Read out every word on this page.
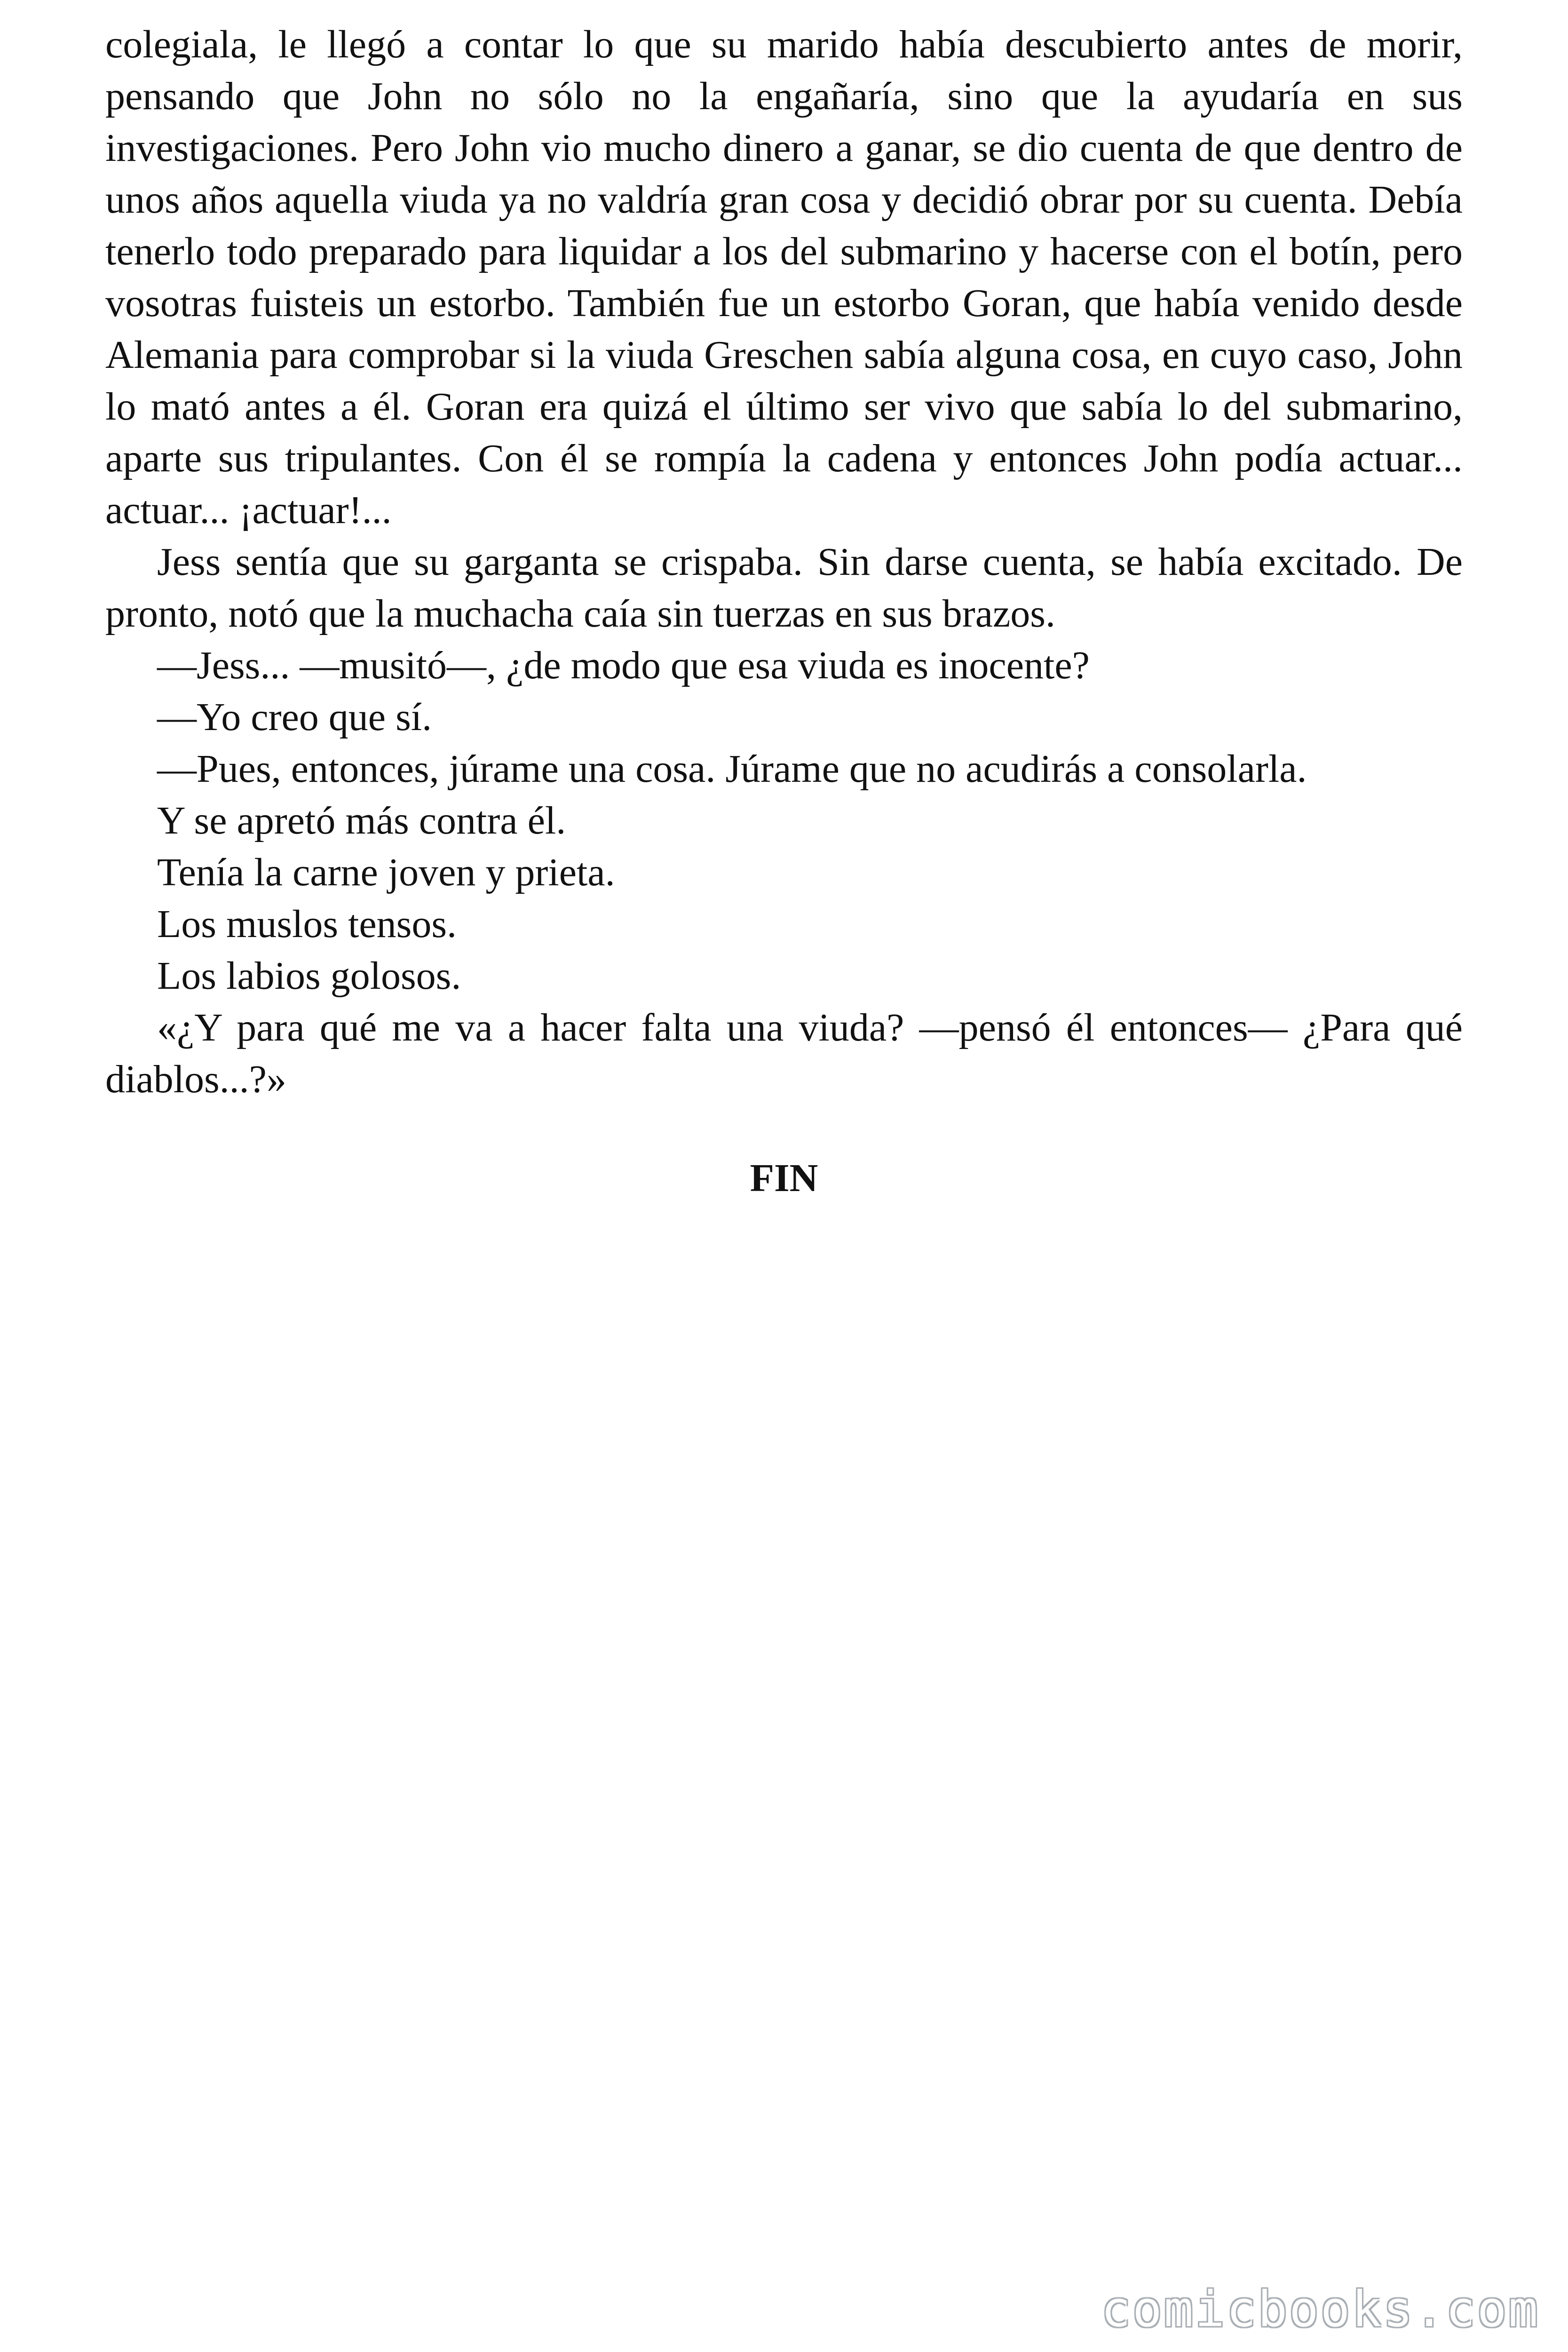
colegiala, le llegó a contar lo que su marido había descubierto antes de morir, pensando que John no sólo no la engañaría, sino que la ayudaría en sus investigaciones. Pero John vio mucho dinero a ganar, se dio cuenta de que dentro de unos años aquella viuda ya no valdría gran cosa y decidió obrar por su cuenta. Debía tenerlo todo preparado para liquidar a los del submarino y hacerse con el botín, pero vosotras fuisteis un estorbo. También fue un estorbo Goran, que había venido desde Alemania para comprobar si la viuda Greschen sabía alguna cosa, en cuyo caso, John lo mató antes a él. Goran era quizá el último ser vivo que sabía lo del submarino, aparte sus tripulantes. Con él se rompía la cadena y entonces John podía actuar... actuar... ¡actuar!...

Jess sentía que su garganta se crispaba. Sin darse cuenta, se había excitado. De pronto, notó que la muchacha caía sin tuerzas en sus brazos.

—Jess... —musitó—, ¿de modo que esa viuda es inocente?

—Yo creo que sí.

—Pues, entonces, júrame una cosa. Júrame que no acudirás a consolarla.

Y se apretó más contra él.

Tenía la carne joven y prieta.

Los muslos tensos.

Los labios golosos.

«¿Y para qué me va a hacer falta una viuda? —pensó él entonces— ¿Para qué diablos...?»

FIN
comicbooks.com
